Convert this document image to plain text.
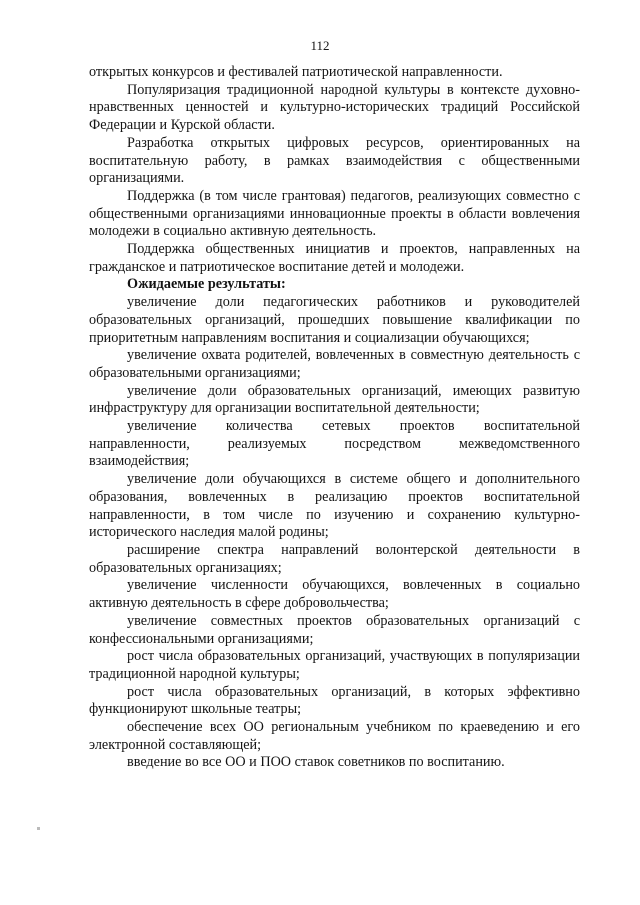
112

открытых конкурсов и фестивалей патриотической направленности.

Популяризация традиционной народной культуры в контексте духовно-нравственных ценностей и культурно-исторических традиций Российской Федерации и Курской области.

Разработка открытых цифровых ресурсов, ориентированных на воспитательную работу, в рамках взаимодействия с общественными организациями.

Поддержка (в том числе грантовая) педагогов, реализующих совместно с общественными организациями инновационные проекты в области вовлечения молодежи в социально активную деятельность.

Поддержка общественных инициатив и проектов, направленных на гражданское и патриотическое воспитание детей и молодежи.

Ожидаемые результаты:

увеличение доли педагогических работников и руководителей образовательных организаций, прошедших повышение квалификации по приоритетным направлениям воспитания и социализации обучающихся;

увеличение охвата родителей, вовлеченных в совместную деятельность с образовательными организациями;

увеличение доли образовательных организаций, имеющих развитую инфраструктуру для организации воспитательной деятельности;

увеличение количества сетевых проектов воспитательной направленности, реализуемых посредством межведомственного взаимодействия;

увеличение доли обучающихся в системе общего и дополнительного образования, вовлеченных в реализацию проектов воспитательной направленности, в том числе по изучению и сохранению культурно-исторического наследия малой родины;

расширение спектра направлений волонтерской деятельности в образовательных организациях;

увеличение численности обучающихся, вовлеченных в социально активную деятельность в сфере добровольчества;

увеличение совместных проектов образовательных организаций с конфессиональными организациями;

рост числа образовательных организаций, участвующих в популяризации традиционной народной культуры;

рост числа образовательных организаций, в которых эффективно функционируют школьные театры;

обеспечение всех ОО региональным учебником по краеведению и его электронной составляющей;

введение во все ОО и ПОО ставок советников по воспитанию.
